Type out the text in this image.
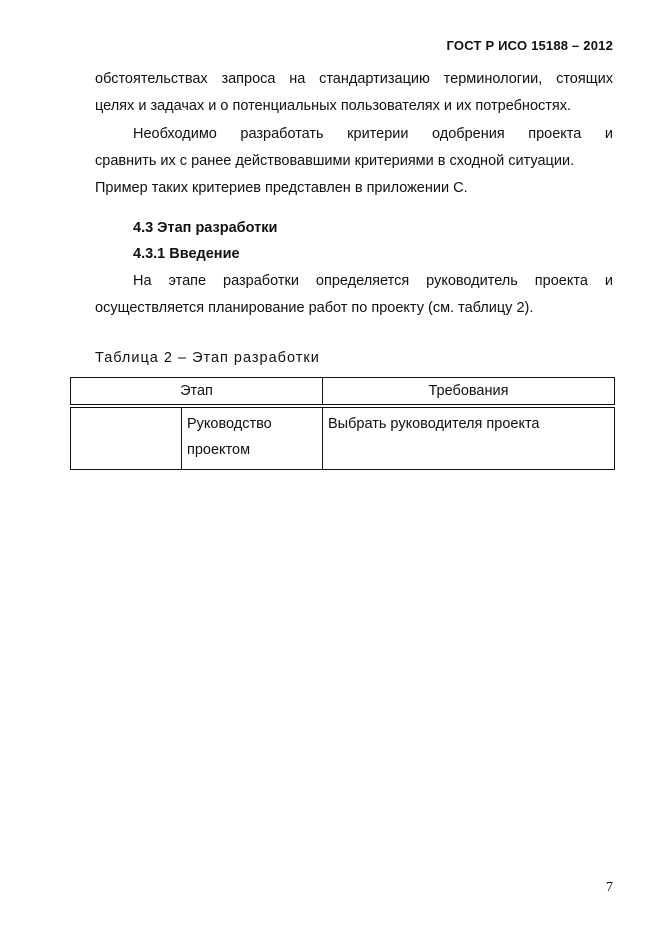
ГОСТ Р ИСО 15188 – 2012
обстоятельствах запроса на стандартизацию терминологии, стоящих
целях и задачах и о потенциальных пользователях и их потребностях.
Необходимо разработать критерии одобрения проекта и
сравнить их с ранее действовавшими критериями в сходной ситуации.
Пример таких критериев представлен в приложении С.
4.3 Этап разработки
4.3.1 Введение
На этапе разработки определяется руководитель проекта и
осуществляется планирование работ по проекту (см. таблицу 2).
Таблица 2 – Этап разработки
Этап		Требования
	Руководство проектом	Выбрать руководителя проекта
7
